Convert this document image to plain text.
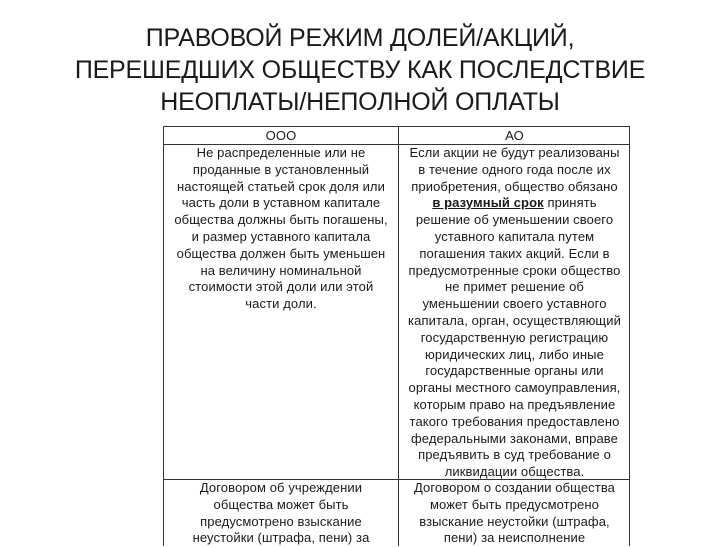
ПРАВОВОЙ РЕЖИМ ДОЛЕЙ/АКЦИЙ,
ПЕРЕШЕДШИХ ОБЩЕСТВУ КАК ПОСЛЕДСТВИЕ
НЕОПЛАТЫ/НЕПОЛНОЙ ОПЛАТЫ
ООО	АО
Не распределенные или не
проданные в установленный
настоящей статьей срок доля или
часть доли в уставном капитале
общества должны быть погашены,
и размер уставного капитала
общества должен быть уменьшен
на величину номинальной
стоимости этой доли или этой
части доли.
Если акции не будут реализованы
в течение одного года после их
приобретения, общество обязано
в разумный срок принять
решение об уменьшении своего
уставного капитала путем
погашения таких акций. Если в
предусмотренные сроки общество
не примет решение об
уменьшении своего уставного
капитала, орган, осуществляющий
государственную регистрацию
юридических лиц, либо иные
государственные органы или
органы местного самоуправления,
которым право на предъявление
такого требования предоставлено
федеральными законами, вправе
предъявить в суд требование о
ликвидации общества.
Договором об учреждении
общества может быть
предусмотрено взыскание
неустойки (штрафа, пени) за
Договором о создании общества
может быть предусмотрено
взыскание неустойки (штрафа,
пени) за неисполнение
